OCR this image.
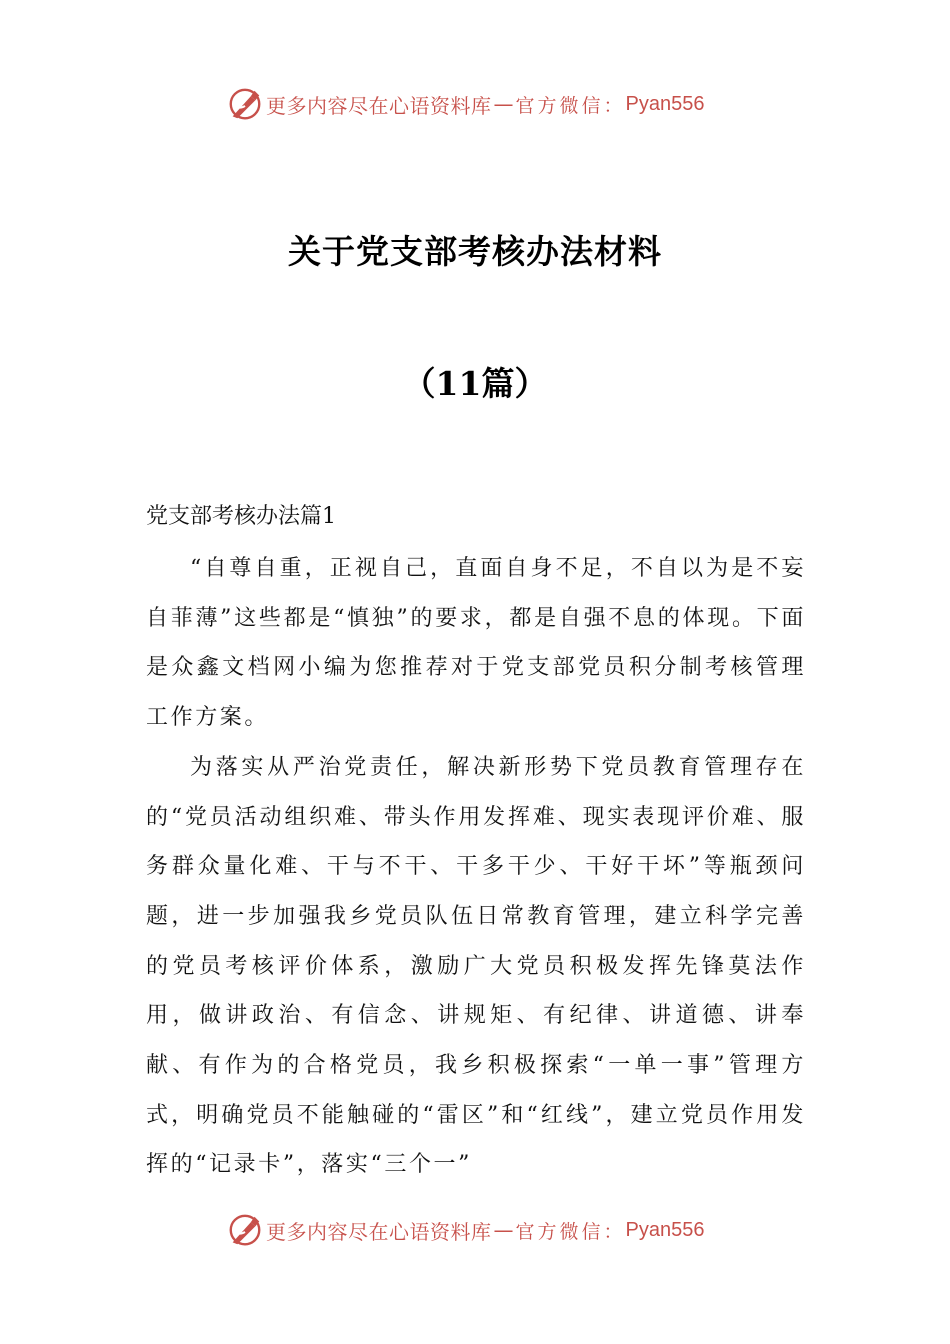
更多内容尽在心语资料库 — 官方微信： Pyan556
关于党支部考核办法材料
（11篇）
党支部考核办法篇1

“自尊自重，正视自己，直面自身不足，不自以为是不妄自菲薄”这些都是“慎独”的要求，都是自强不息的体现。下面是众鑫文档网小编为您推荐对于党支部党员积分制考核管理工作方案。

为落实从严治党责任，解决新形势下党员教育管理存在的“党员活动组织难、带头作用发挥难、现实表现评价难、服务群众量化难、干与不干、干多干少、干好干坏”等瓶颈问题，进一步加强我乡党员队伍日常教育管理，建立科学完善的党员考核评价体系，激励广大党员积极发挥先锋莫法作用，做讲政治、有信念、讲规矩、有纪律、讲道德、讲奉献、有作为的合格党员，我乡积极探索“一单一事”管理方式，明确党员不能触碰的“雷区”和“红线”，建立党员作用发挥的“记录卡”，落实“三个一”

更多内容尽在心语资料库 — 官方微信： Pyan556
